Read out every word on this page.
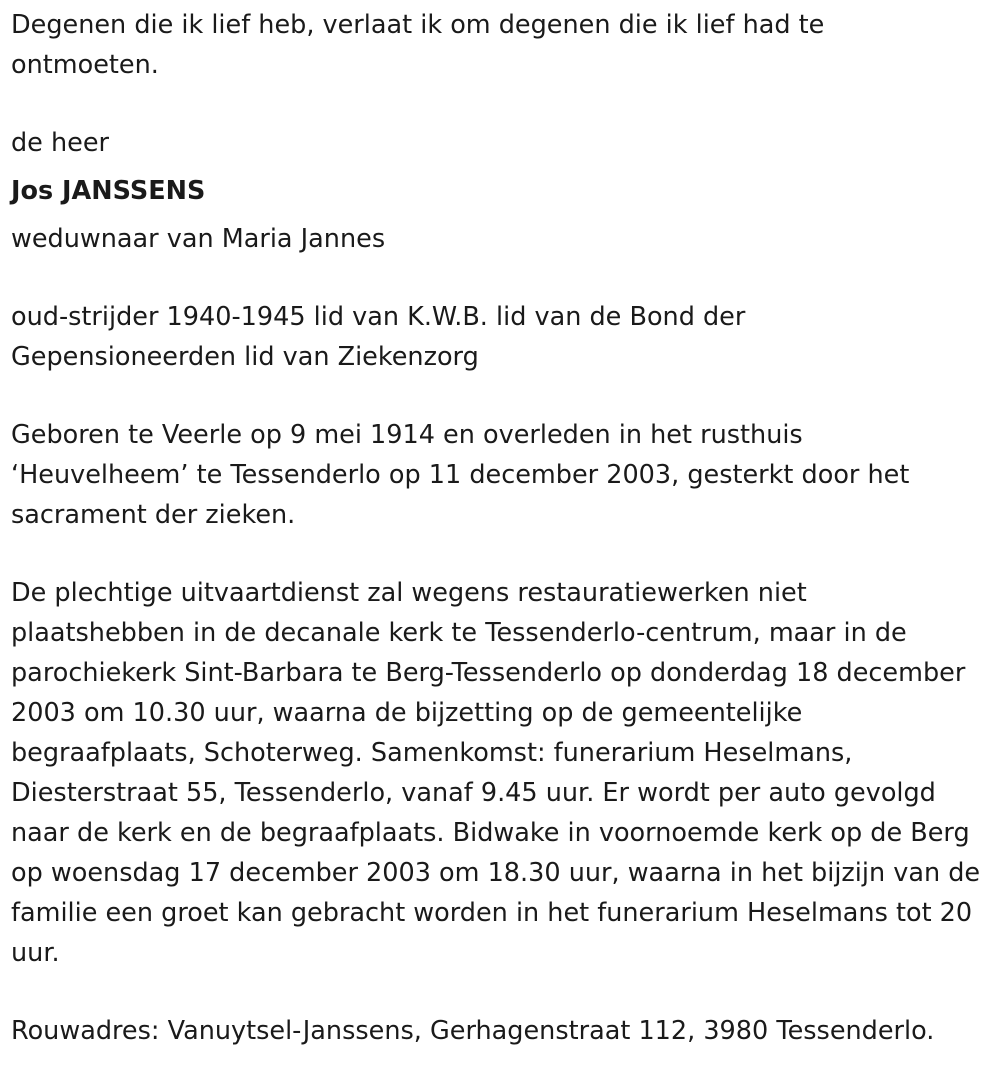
Degenen die ik lief heb, verlaat ik om degenen die ik lief had te ontmoeten.

de heer

Jos JANSSENS

weduwnaar van Maria Jannes

oud-strijder 1940-1945 lid van K.W.B. lid van de Bond der Gepensioneerden lid van Ziekenzorg

Geboren te Veerle op 9 mei 1914 en overleden in het rusthuis ‘Heuvelheem’ te Tessenderlo op 11 december 2003, gesterkt door het sacrament der zieken.

De plechtige uitvaartdienst zal wegens restauratiewerken niet plaatshebben in de decanale kerk te Tessenderlo-centrum, maar in de parochiekerk Sint-Barbara te Berg-Tessenderlo op donderdag 18 december 2003 om 10.30 uur, waarna de bijzetting op de gemeentelijke begraafplaats, Schoterweg. Samenkomst: funerarium Heselmans, Diesterstraat 55, Tessenderlo, vanaf 9.45 uur. Er wordt per auto gevolgd naar de kerk en de begraafplaats. Bidwake in voornoemde kerk op de Berg op woensdag 17 december 2003 om 18.30 uur, waarna in het bijzijn van de familie een groet kan gebracht worden in het funerarium Heselmans tot 20 uur.

Rouwadres: Vanuytsel-Janssens, Gerhagenstraat 112, 3980 Tessenderlo.
